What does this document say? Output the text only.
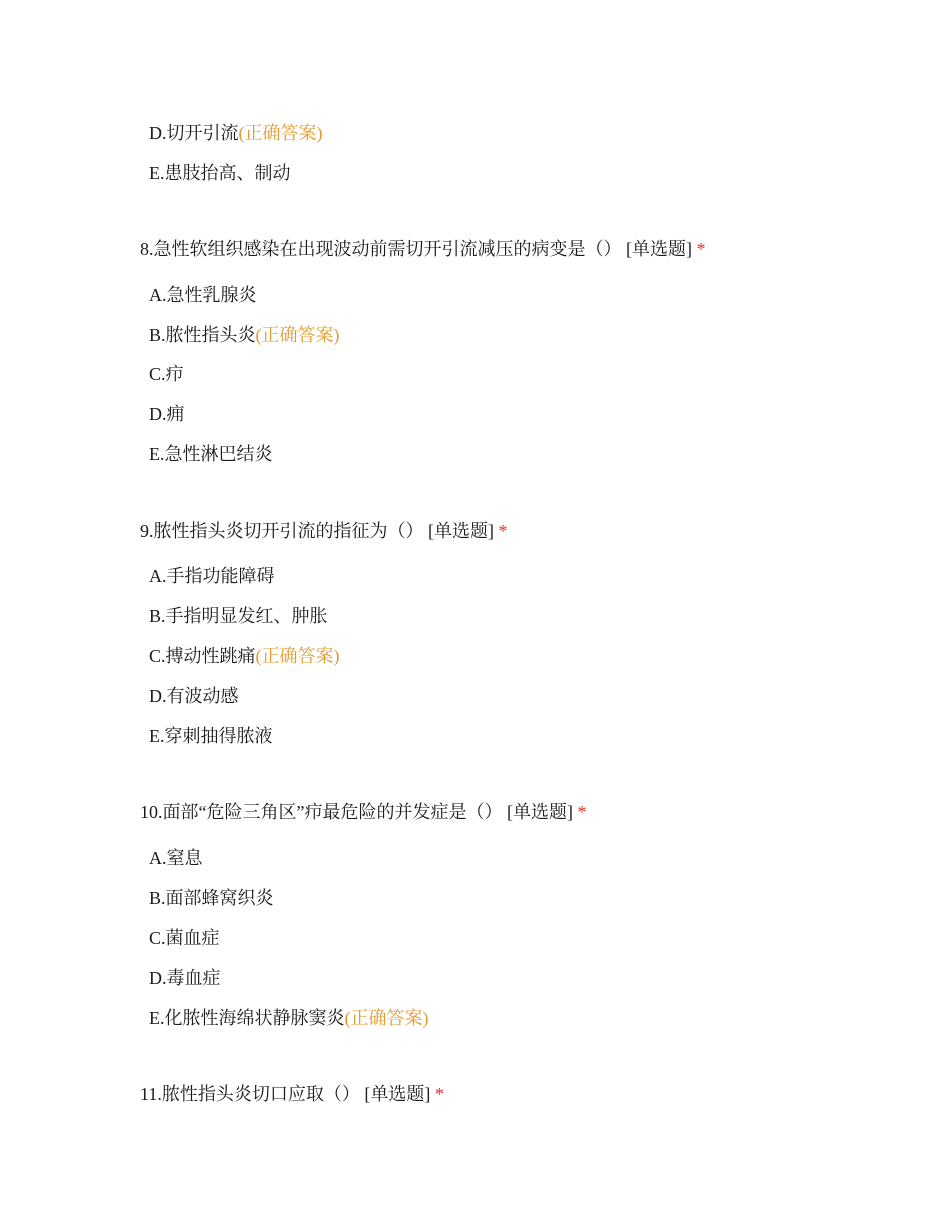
D.切开引流(正确答案)
E.患肢抬高、制动
8.急性软组织感染在出现波动前需切开引流减压的病变是（） [单选题] *
A.急性乳腺炎
B.脓性指头炎(正确答案)
C.疖
D.痈
E.急性淋巴结炎
9.脓性指头炎切开引流的指征为（） [单选题] *
A.手指功能障碍
B.手指明显发红、肿胀
C.搏动性跳痛(正确答案)
D.有波动感
E.穿刺抽得脓液
10.面部“危险三角区”疖最危险的并发症是（） [单选题] *
A.窒息
B.面部蜂窝织炎
C.菌血症
D.毒血症
E.化脓性海绵状静脉窦炎(正确答案)
11.脓性指头炎切口应取（） [单选题] *
